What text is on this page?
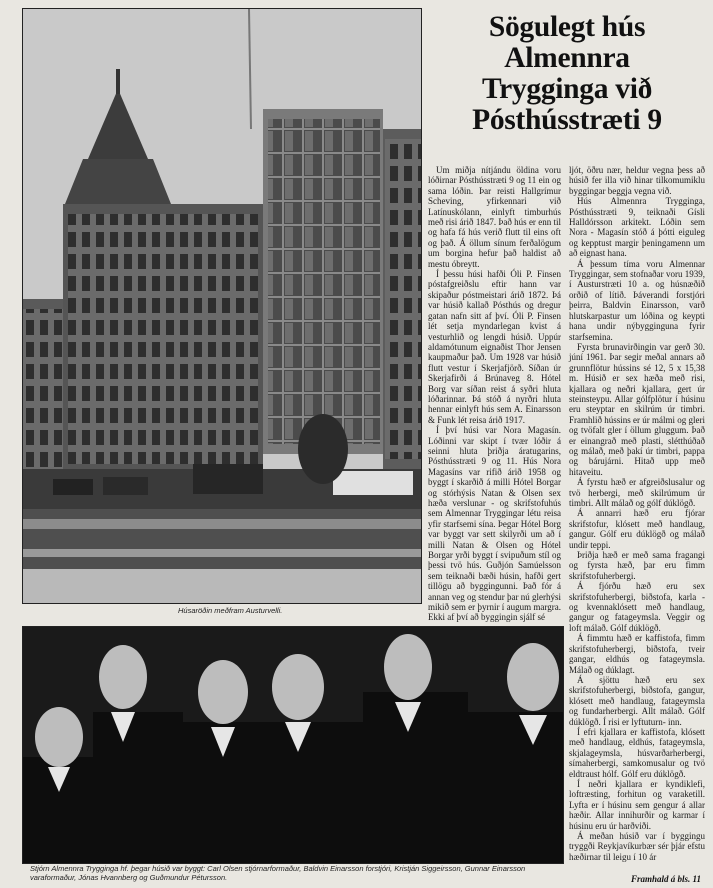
Húsaröðin meðfram Austurvelli.
Stjórn Almennra Trygginga hf. þegar húsið var byggt: Carl Olsen stjórnarformaður, Baldvin Einarsson forstjóri, Kristján Siggeirsson, Gunnar Einarsson varaformaður, Jónas Hvannberg og Guðmundur Pétursson.
Sögulegt hús
Almennra
Trygginga við
Pósthússtræti 9

Um miðja nítjándu öldina voru lóðirnar Pósthússtræti 9 og 11 ein og sama lóðin. Þar reisti Hallgrímur Scheving, yfirkennari við Latínuskólann, einlyft timburhús með risi árið 1847. Það hús er enn til og hafa fá hús verið flutt til eins oft og það. Á öllum sínum ferðalögum um borgina hefur það haldist að mestu óbreytt.

Í þessu húsi hafði Óli P. Finsen póstafgreiðslu eftir hann var skipaður póstmeistari árið 1872. Þá var húsið kallað Pósthús og dregur gatan nafn sitt af því. Óli P. Finsen lét setja myndarlegan kvist á vesturhlið og lengdi húsið. Uppúr aldamótunum eignaðist Thor Jensen kaupmaður það. Um 1928 var húsið flutt vestur í Skerjafjörð. Síðan úr Skerjafirði á Brúnaveg 8. Hótel Borg var síðan reist á syðri hluta lóðarinnar. Þá stóð á nyrðri hluta hennar einlyft hús sem A. Einarsson & Funk lét reisa árið 1917.

Í því húsi var Nora Magasín. Lóðinni var skipt í tvær lóðir á seinni hluta þriðja áratugarins, Pósthússtræti 9 og 11. Hús Nora Magasíns var rifið árið 1958 og byggt í skarðið á milli Hótel Borgar og stórhýsis Natan & Olsen sex hæða verslunar - og skrifstofuhús sem Almennar Tryggingar létu reisa yfir starfsemi sína. Þegar Hótel Borg var byggt var sett skilyrði um að í milli Natan & Olsen og Hótel Borgar yrði byggt í svipuðum stíl og þessi tvö hús. Guðjón Samúelsson sem teiknaði bæði húsin, hafði gert tillögu að byggingunni. Það fór á annan veg og stendur þar nú glerhýsi mikið sem er þyrnir í augum margra. Ekki af því að byggingin sjálf sé

ljót, öðru nær, heldur vegna þess að húsið fer illa við hinar tilkomumiklu byggingar beggja vegna við.

Hús Almennra Trygginga, Pósthússtræti 9, teiknaði Gísli Halldórsson arkitekt. Lóðin sem Nora - Magasín stóð á þótti eiguleg og kepptust margir þeningamenn um að eignast hana.

Á þessum tíma voru Almennar Tryggingar, sem stofnaðar voru 1939, í Austurstræti 10 a. og húsnæðið orðið of lítið. Þáverandi forstjóri þeirra, Baldvin Einarsson, varð hlutskarpastur um lóðina og keypti hana undir nýbygginguna fyrir starfsemina.

Fyrsta brunavirðingin var gerð 30. júní 1961. Þar segir meðal annars að grunnflötur hússins sé 12, 5 x 15,38 m. Húsið er sex hæða með risi, kjallara og neðri kjallara, gert úr steinsteypu. Allar gólfplötur í húsinu eru steyptar en skilrúm úr timbri. Framhlið hússins er úr málmi og gleri og tvöfalt gler í öllum gluggum. Það er einangrað með plasti, slétthúðað og málað, með þakí úr timbri, pappa og bárujárni. Hitað upp með hitaveitu.

Á fyrstu hæð er afgreiðslusalur og tvö herbergi, með skilrúmum úr timbri. Allt málað og gólf dúklögð.

Á annarri hæð eru fjórar skrifstofur, klósett með handlaug, gangur. Gólf eru dúklögð og málað undir teppi.

Þriðja hæð er með sama fragangi og fyrsta hæð, þar eru fimm skrifstofuherbergi.

Á fjórðu hæð eru sex skrifstofuherbergi, biðstofa, karla - og kvennaklósett með handlaug, gangur og fatageymsla. Veggir og loft málað. Gólf dúklögð.

Á fimmtu hæð er kaffistofa, fimm skrifstofuherbergi, biðstofa, tveir gangar, eldhús og fatageymsla. Málað og dúklagt.

Á sjöttu hæð eru sex skrifstofuherbergi, biðstofa, gangur, klósett með handlaug, fatageymsla og fundarherbergi. Allt málað. Gólf dúklögð. Í risi er lyftuturn- inn.

Í efri kjallara er kaffistofa, klósett með handlaug, eldhús, fatageymsla, skjalageymsla, húsvarðarherbergi, símaherbergi, samkomusalur og tvö eldtraust hólf. Gólf eru dúklögð.

Í neðri kjallara er kyndiklefi, loftræsting, forhitun og varaketill. Lyfta er í húsinu sem gengur á allar hæðir. Allar innihurðir og karmar í húsinu eru úr harðviði.

Á meðan húsið var í byggingu tryggði Reykjavíkurbær sér þjár efstu hæðirnar til leigu í 10 ár

Framhald á bls. 11
